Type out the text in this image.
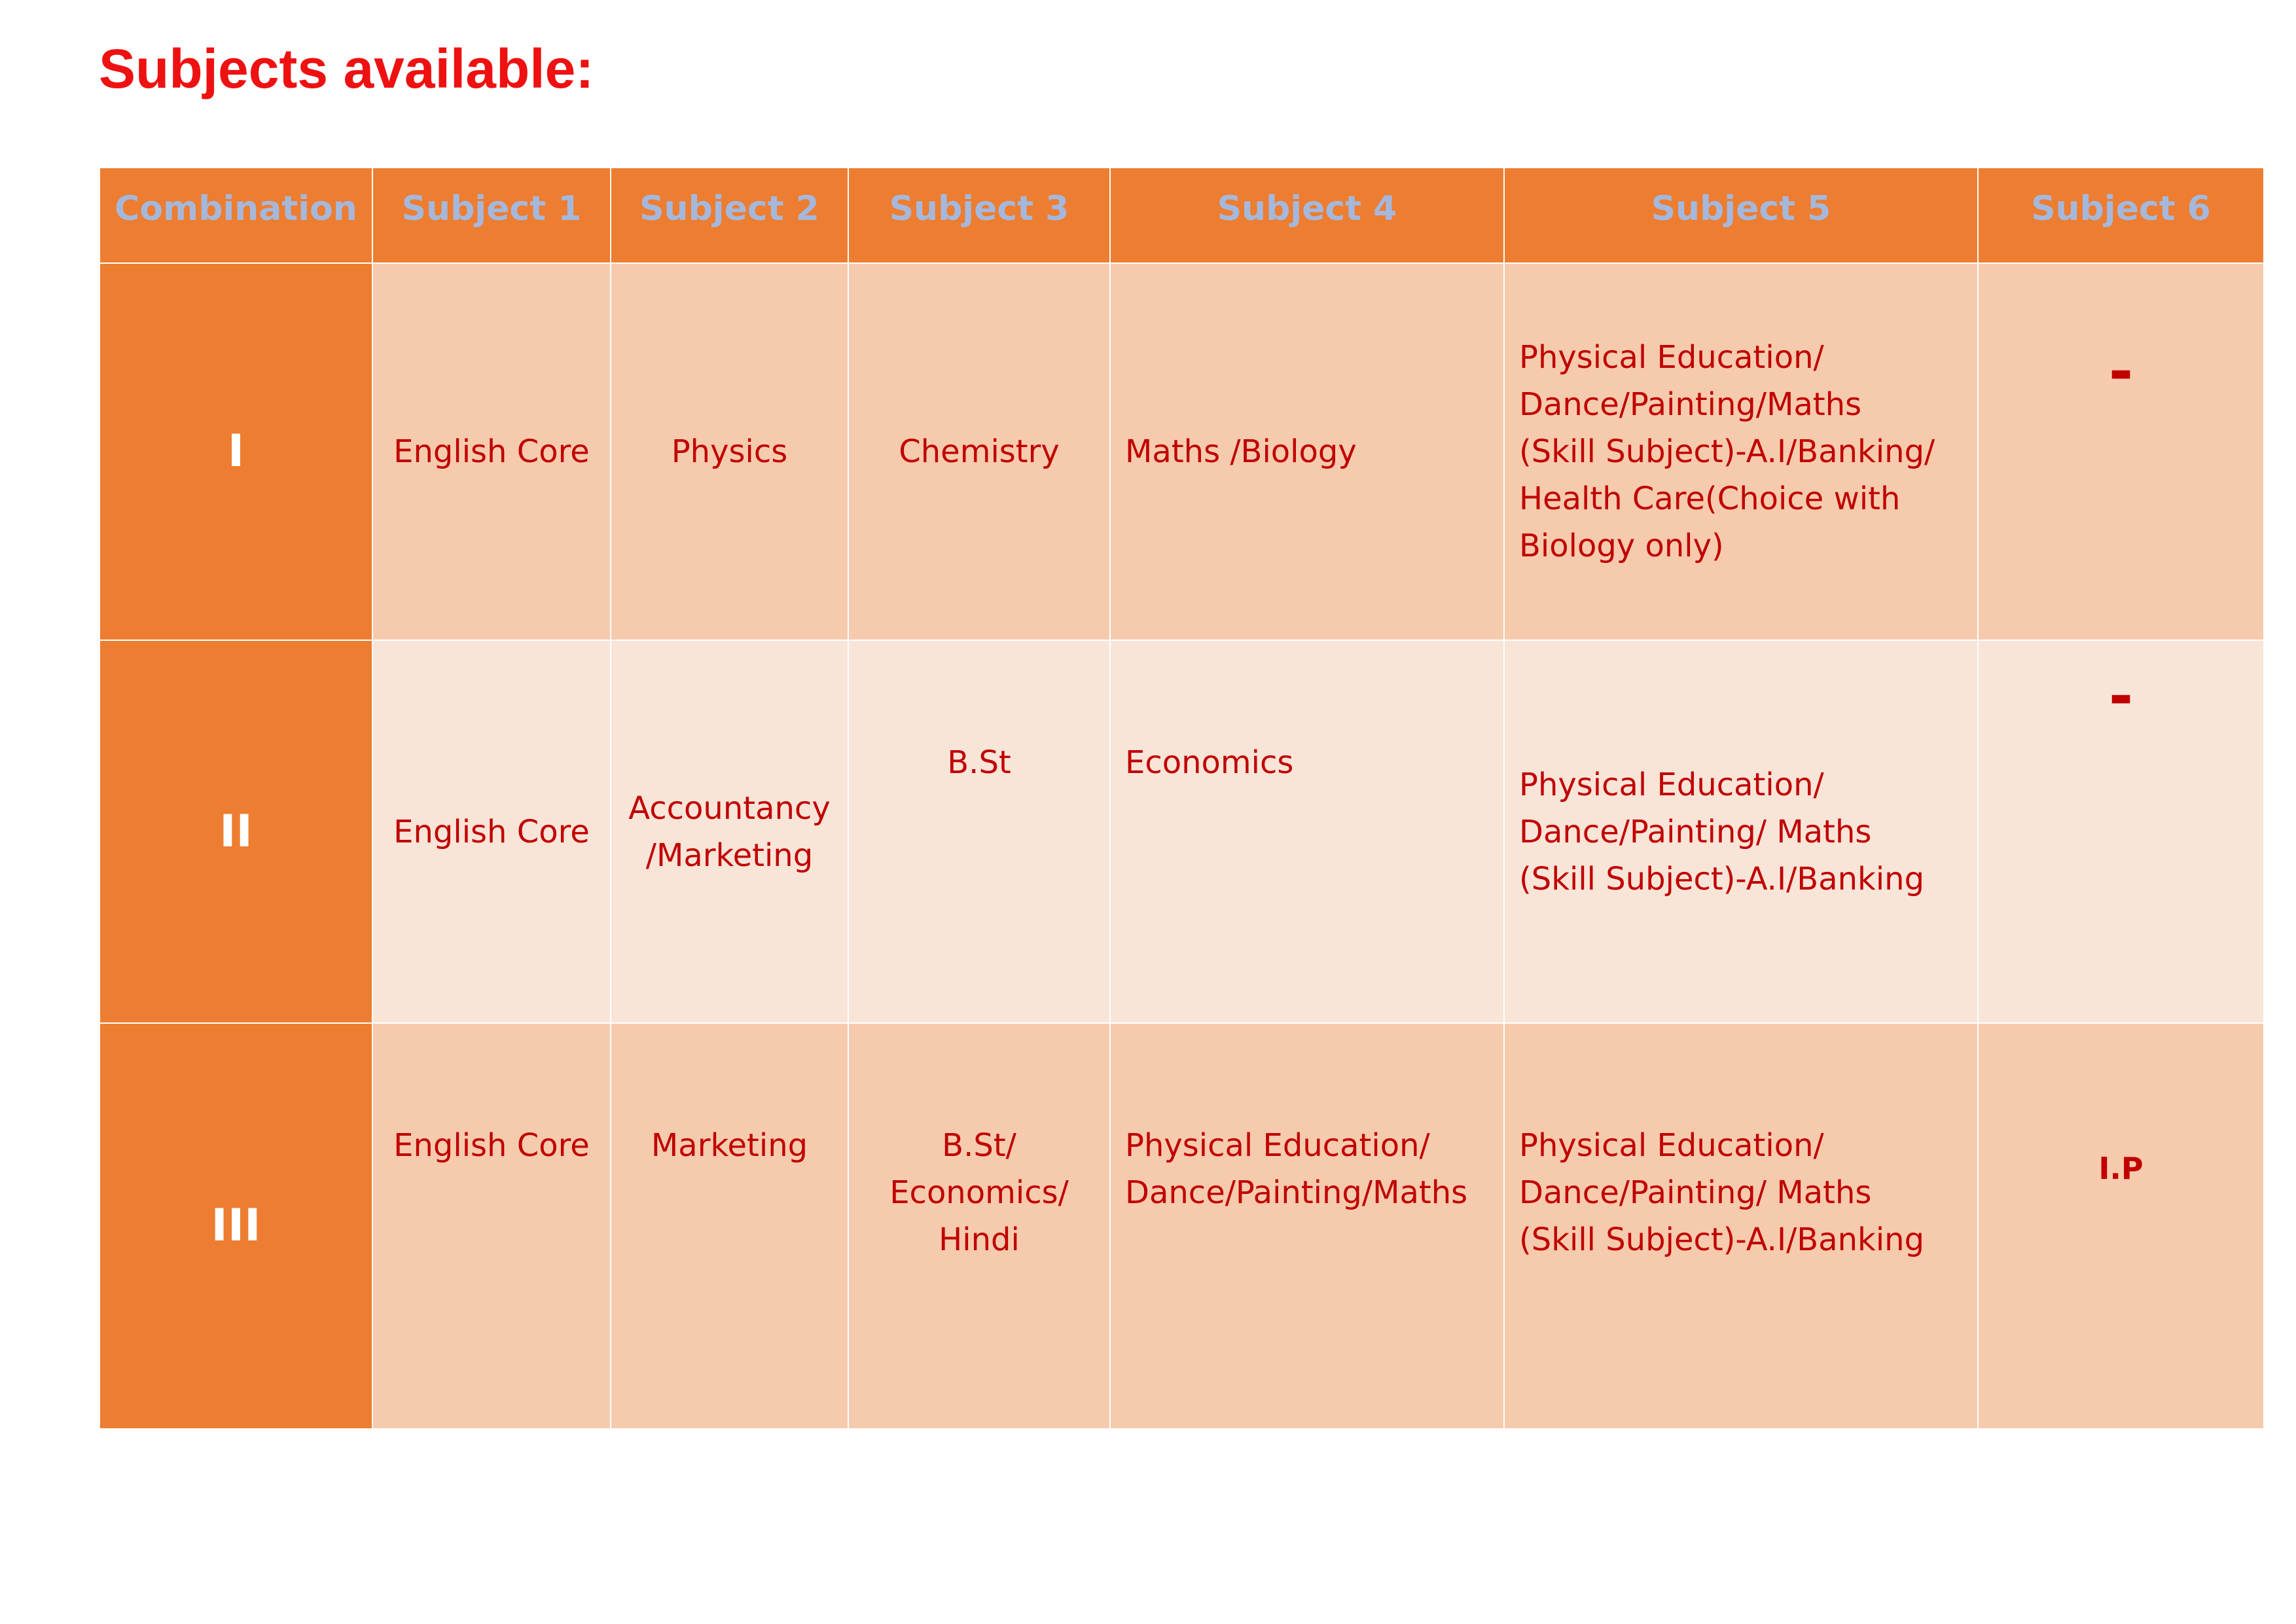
Subjects available:
Combination	Subject 1	Subject 2	Subject 3	Subject 4	Subject 5	Subject 6
I	English Core	Physics	Chemistry	Maths /Biology	Physical Education/
Dance/Painting/Maths
(Skill Subject)-A.I/Banking/
Health Care(Choice with
Biology only)	-
II	English Core	Accountancy
/Marketing	B.St	Economics	Physical Education/
Dance/Painting/ Maths
(Skill Subject)-A.I/Banking	-
III	English Core	Marketing	B.St/
Economics/
Hindi	Physical Education/
Dance/Painting/Maths	Physical Education/
Dance/Painting/ Maths
(Skill Subject)-A.I/Banking	I.P
